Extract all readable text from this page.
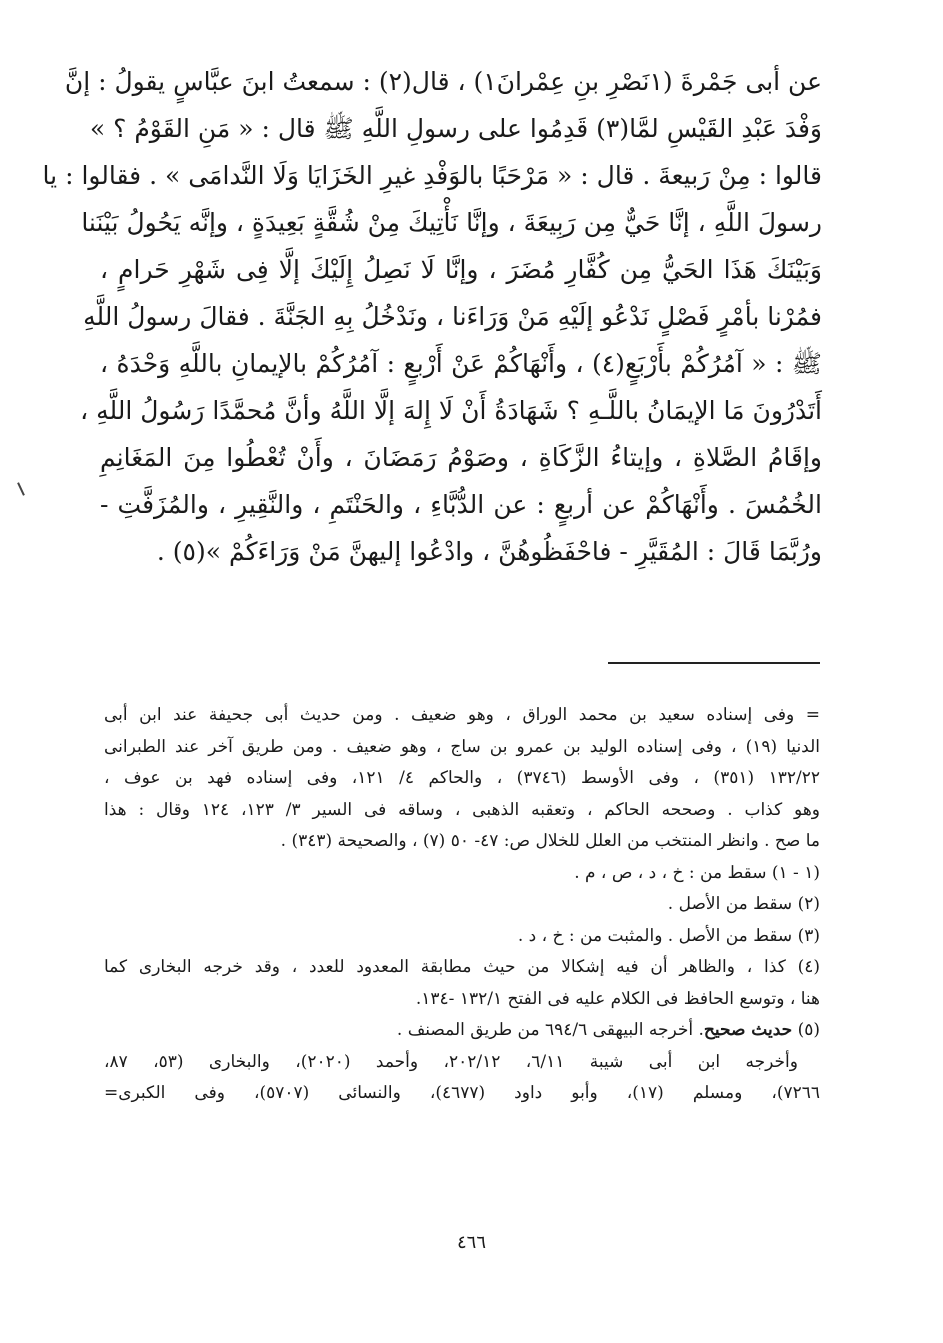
عن أبى جَمْرةَ (١نَصْرِ بنِ عِمْرانَ١) ، قال(٢) : سمعتُ ابنَ عبَّاسٍ يقولُ : إنَّ
وَفْدَ عَبْدِ القَيْسِ لمَّا(٣) قَدِمُوا على رسولِ اللَّهِ ﷺ قال : « مَنِ القَوْمُ ؟ »
قالوا : مِنْ رَبيعةَ . قال : « مَرْحَبًا بالوَفْدِ غيرِ الخَزَايَا وَلَا النَّدامَى » . فقالوا : يا
رسولَ اللَّهِ ، إنَّا حَيٌّ مِن رَبِيعَةَ ، وإنَّا نَأْتِيكَ مِنْ شُقَّةٍ بَعِيدَةٍ ، وإنَّه يَحُولُ بَيْنَنا
وَبَيْنَكَ هَذَا الحَيُّ مِن كُفَّارِ مُضَرَ ، وإنَّا لَا نَصِلُ إِلَيْكَ إلَّا فِى شَهْرِ حَرامٍ ،
فمُرْنا بأمْرٍ فَصْلٍ نَدْعُو إلَيْهِ مَنْ وَرَاءَنا ، ونَدْخُلُ بِهِ الجَنَّةَ . فقالَ رسولُ اللَّهِ
ﷺ : « آمُرُكُمْ بأَرْبَعٍ(٤) ، وأَنْهَاكُمْ عَنْ أَرْبعٍ : آمُرُكُمْ بالإيمانِ باللَّهِ وَحْدَهُ ،
أَتَدْرُونَ مَا الإيمَانُ باللَّـهِ ؟ شَهَادَةُ أَنْ لَا إِلهَ إلَّا اللَّهُ وأنَّ مُحمَّدًا رَسُولُ اللَّهِ ،
وإقَامُ الصَّلاةِ ، وإيتاءُ الزَّكَاةِ ، وصَوْمُ رَمَضَانَ ، وأَنْ تُعْطُوا مِنَ المَغَانِمِ
الخُمُسَ . وأَنْهَاكُمْ عن أربعٍ : عن الدُّبَّاءِ ، والحَنْتَمِ ، والنَّقِيرِ ، والمُزَفَّتِ -
ورُبَّمَا قَالَ : المُقَيَّرِ - فاحْفَظُوهُنَّ ، وادْعُوا إليهنَّ مَنْ وَرَاءَكُمْ »(٥) .
= وفى إسناده سعيد بن محمد الوراق ، وهو ضعيف . ومن حديث أبى جحيفة عند ابن أبى
الدنيا (١٩) ، وفى إسناده الوليد بن عمرو بن ساج ، وهو ضعيف . ومن طريق آخر عند الطبرانى
١٣٢/٢٢ (٣٥١) ، وفى الأوسط (٣٧٤٦) ، والحاكم ٤/ ١٢١، وفى إسناده فهد بن عوف ،
وهو كذاب . وصححه الحاكم ، وتعقبه الذهبى ، وساقه فى السير ٣/ ١٢٣، ١٢٤ وقال : هذا
ما صح . وانظر المنتخب من العلل للخلال ص: ٤٧- ٥٠ (٧) ، والصحيحة (٣٤٣) .
(١ - ١) سقط من : خ ، د ، ص ، م .
(٢) سقط من الأصل .
(٣) سقط من الأصل . والمثبت من : خ ، د .
(٤) كذا ، والظاهر أن فيه إشكالا من حيث مطابقة المعدود للعدد ، وقد خرجه البخارى كما
هنا ، وتوسع الحافظ فى الكلام عليه فى الفتح ١٣٢/١ -١٣٤.
(٥) حديث صحيح. أخرجه البيهقى ٦٩٤/٦ من طريق المصنف .
وأخرجه ابن أبى شيبة ٦/١١، ٢٠٢/١٢، وأحمد (٢٠٢٠)، والبخارى (٥٣، ٨٧،
٧٢٦٦)، ومسلم (١٧)، وأبو داود (٤٦٧٧)، والنسائى (٥٧٠٧)، وفى الكبرى=
٤٦٦
